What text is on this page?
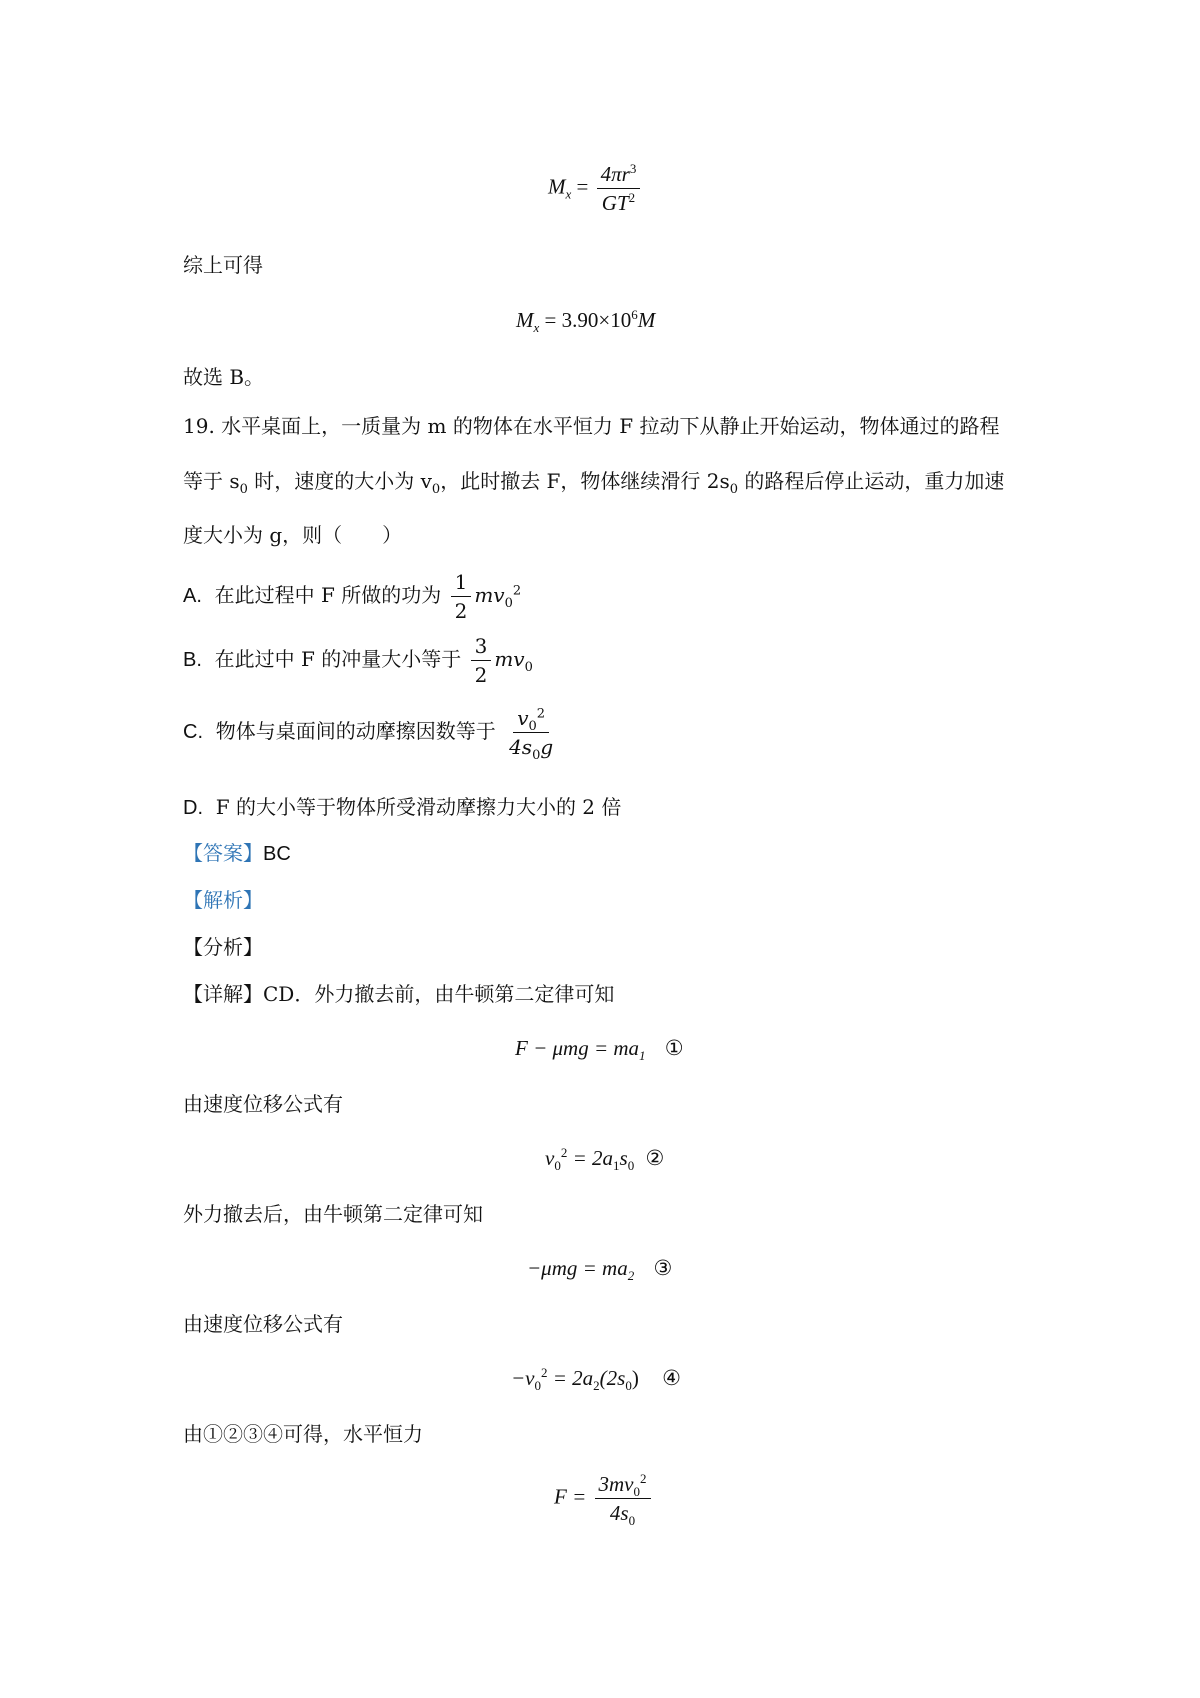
$M_x = \frac{4\pi r^3}{GT^2}$
综上可得
$M_x = 3.90\times 10^6M$
故选 B。
19. 水平桌面上，一质量为 m 的物体在水平恒力 F 拉动下从静止开始运动，物体通过的路程
等于 $s_0$ 时，速度的大小为 $v_0$，此时撤去 F，物体继续滑行 $2s_0$ 的路程后停止运动，重力加速
度大小为 g，则（　　）
A. 在此过程中 F 所做的功为 $\frac{1}{2} mv_0^2$
B. 在此过中 F 的冲量大小等于 $\frac{3}{2} mv_0$
C. 物体与桌面间的动摩擦因数等于 $\frac{v_0^2}{4s_0g}$
D. F 的大小等于物体所受滑动摩擦力大小的 2 倍
【答案】BC
【解析】
【分析】
【详解】CD．外力撤去前，由牛顿第二定律可知
$F - \mu mg = ma_1$ ①
由速度位移公式有
$v_0^2 = 2a_1s_0$ ②
外力撤去后，由牛顿第二定律可知
$-\mu mg = ma_2$ ③
由速度位移公式有
$-v_0^2 = 2a_2(2s_0)$ ④
由①②③④可得，水平恒力
$F = \frac{3mv_0^2}{4s_0}$
